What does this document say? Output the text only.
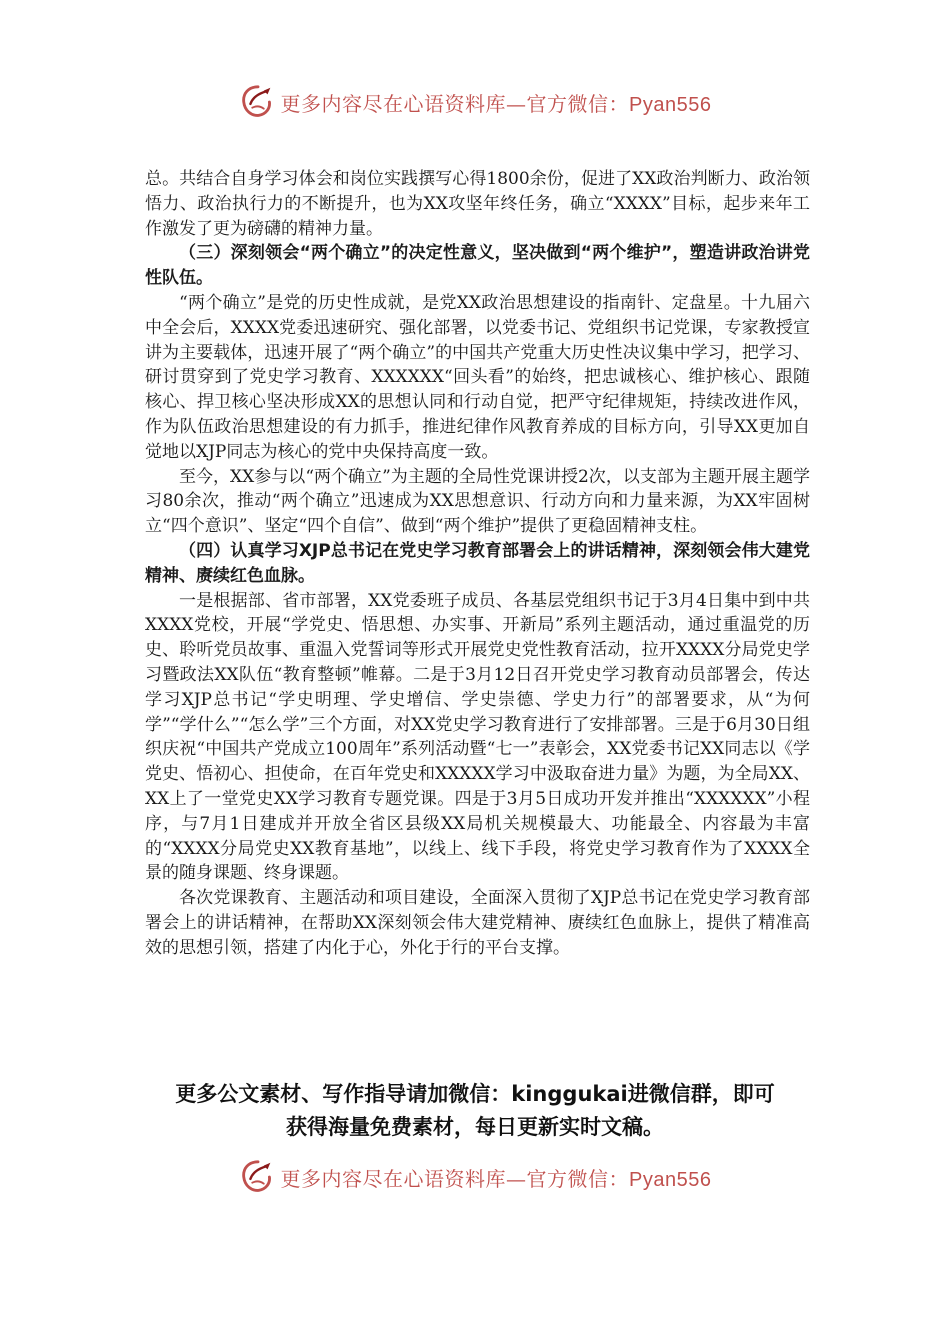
更多内容尽在心语资料库—官方微信：Pyan556

总。共结合自身学习体会和岗位实践撰写心得1800余份，促进了XX政治判断力、政治领悟力、政治执行力的不断提升，也为XX攻坚年终任务，确立“XXXX”目标，起步来年工作激发了更为磅礴的精神力量。

（三）深刻领会“两个确立”的决定性意义，坚决做到“两个维护”，塑造讲政治讲党性队伍。

“两个确立”是党的历史性成就，是党XX政治思想建设的指南针、定盘星。十九届六中全会后，XXXX党委迅速研究、强化部署，以党委书记、党组织书记党课，专家教授宣讲为主要载体，迅速开展了“两个确立”的中国共产党重大历史性决议集中学习，把学习、研讨贯穿到了党史学习教育、XXXXXX“回头看”的始终，把忠诚核心、维护核心、跟随核心、捍卫核心坚决形成XX的思想认同和行动自觉，把严守纪律规矩，持续改进作风，作为队伍政治思想建设的有力抓手，推进纪律作风教育养成的目标方向，引导XX更加自觉地以XJP同志为核心的党中央保持高度一致。

至今，XX参与以“两个确立”为主题的全局性党课讲授2次，以支部为主题开展主题学习80余次，推动“两个确立”迅速成为XX思想意识、行动方向和力量来源，为XX牢固树立“四个意识”、坚定“四个自信”、做到“两个维护”提供了更稳固精神支柱。

（四）认真学习XJP总书记在党史学习教育部署会上的讲话精神，深刻领会伟大建党精神、赓续红色血脉。

一是根据部、省市部署，XX党委班子成员、各基层党组织书记于3月4日集中到中共XXXX党校，开展“学党史、悟思想、办实事、开新局”系列主题活动，通过重温党的历史、聆听党员故事、重温入党誓词等形式开展党史党性教育活动，拉开XXXX分局党史学习暨政法XX队伍“教育整顿”帷幕。二是于3月12日召开党史学习教育动员部署会，传达学习XJP总书记“学史明理、学史增信、学史崇德、学史力行”的部署要求，从“为何学”“学什么”“怎么学”三个方面，对XX党史学习教育进行了安排部署。三是于6月30日组织庆祝“中国共产党成立100周年”系列活动暨“七一”表彰会，XX党委书记XX同志以《学党史、悟初心、担使命，在百年党史和XXXXX学习中汲取奋进力量》为题，为全局XX、XX上了一堂党史XX学习教育专题党课。四是于3月5日成功开发并推出“XXXXXX”小程序，与7月1日建成并开放全省区县级XX局机关规模最大、功能最全、内容最为丰富的“XXXX分局党史XX教育基地”，以线上、线下手段，将党史学习教育作为了XXXX全景的随身课题、终身课题。

各次党课教育、主题活动和项目建设，全面深入贯彻了XJP总书记在党史学习教育部署会上的讲话精神，在帮助XX深刻领会伟大建党精神、赓续红色血脉上，提供了精准高效的思想引领，搭建了内化于心，外化于行的平台支撑。

更多公文素材、写作指导请加微信：kinggukai进微信群，即可
获得海量免费素材，每日更新实时文稿。
更多内容尽在心语资料库—官方微信：Pyan556
